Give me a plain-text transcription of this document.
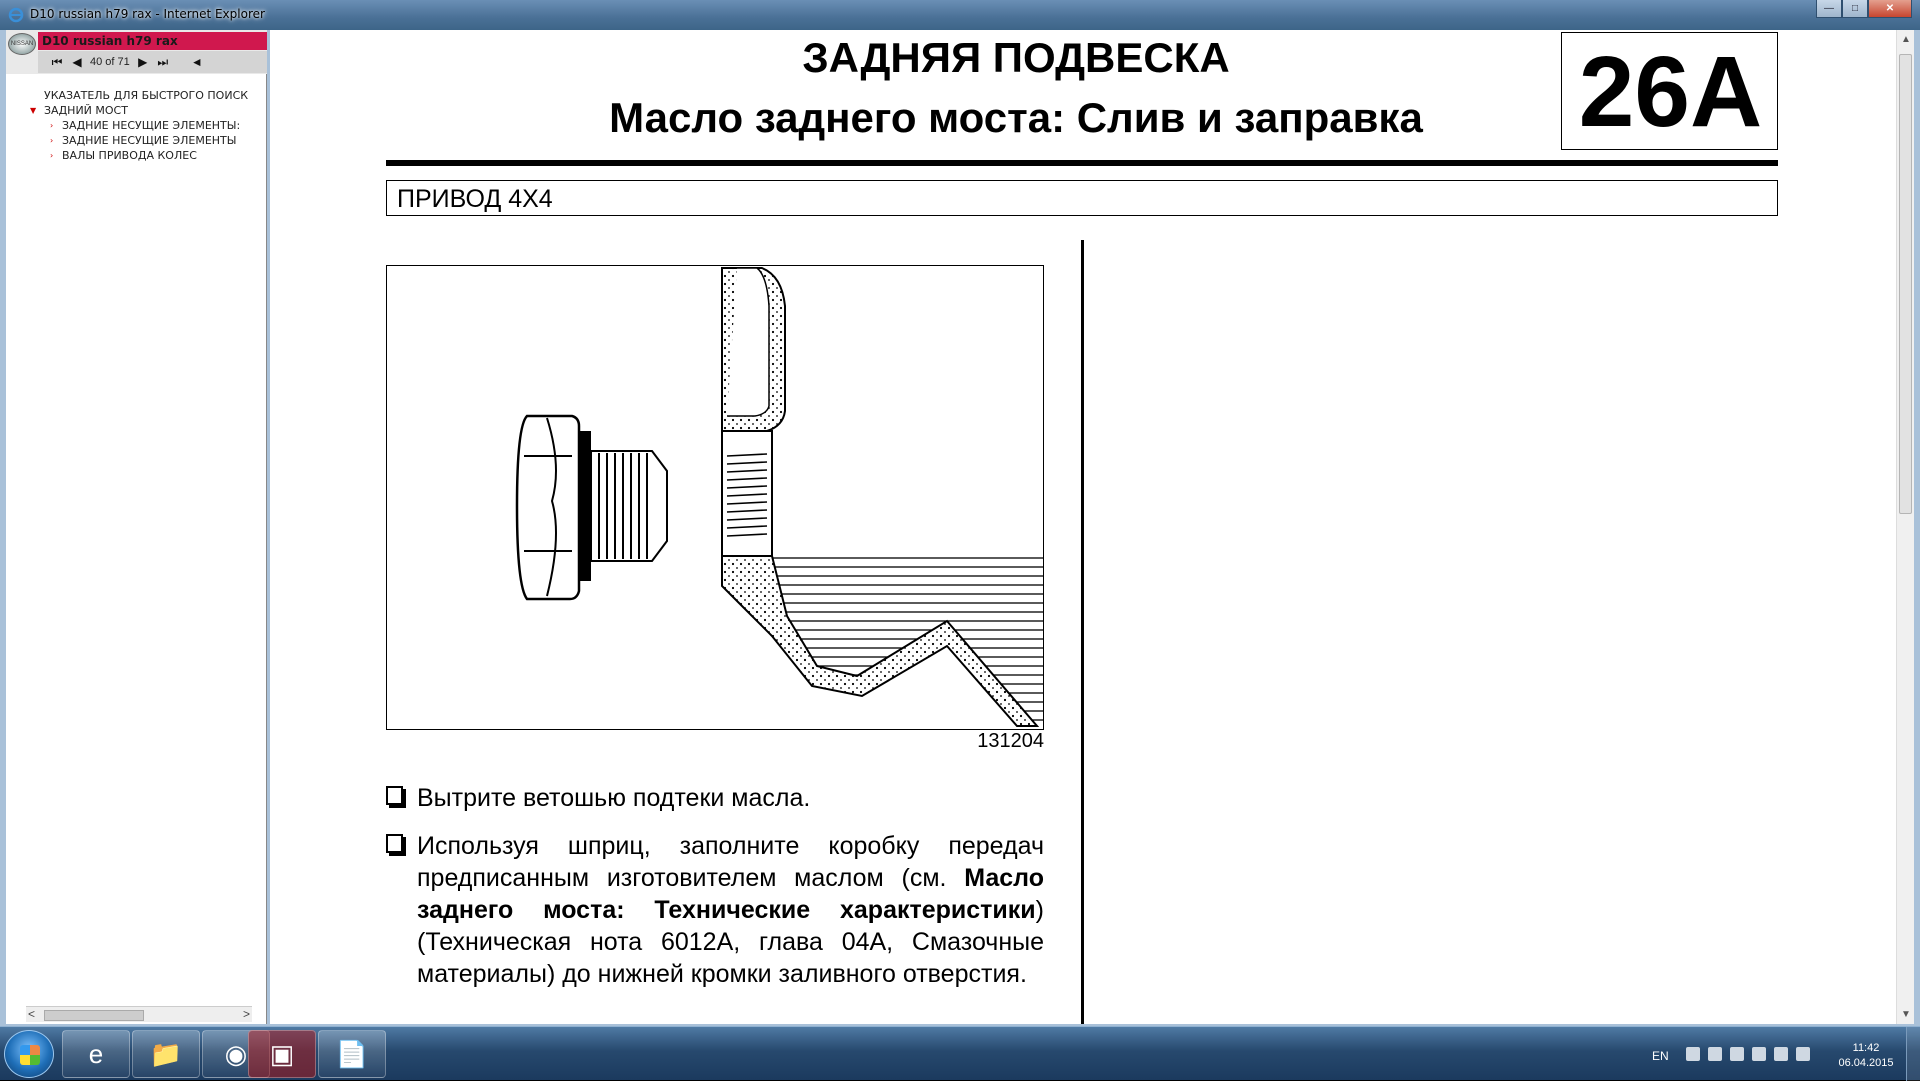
D10 russian h79 rax - Internet Explorer	—	□	✕
NISSAN D10 russian h79 rax
⏮ ◀ 40 of 71 ▶ ⏭ ◄
УКАЗАТЕЛЬ ДЛЯ БЫСТРОГО ПОИСК
▼ ЗАДНИЙ МОСТ
› ЗАДНИЕ НЕСУЩИЕ ЭЛЕМЕНТЫ:
› ЗАДНИЕ НЕСУЩИЕ ЭЛЕМЕНТЫ
› ВАЛЫ ПРИВОДА КОЛЕС
<	>
ЗАДНЯЯ ПОДВЕСКА
Масло заднего моста: Слив и заправка	26A
ПРИВОД 4X4
131204
Вытрите ветошью подтеки масла.
Используя шприц, заполните коробку передач предписанным изготовителем маслом (см. Масло заднего моста: Технические характеристики) (Техническая нота 6012A, глава 04A, Смазочные материалы) до нижней кромки заливного отверстия.
▲
▼
e	📁	◉ ▣	📄	EN
11:42
06.04.2015
